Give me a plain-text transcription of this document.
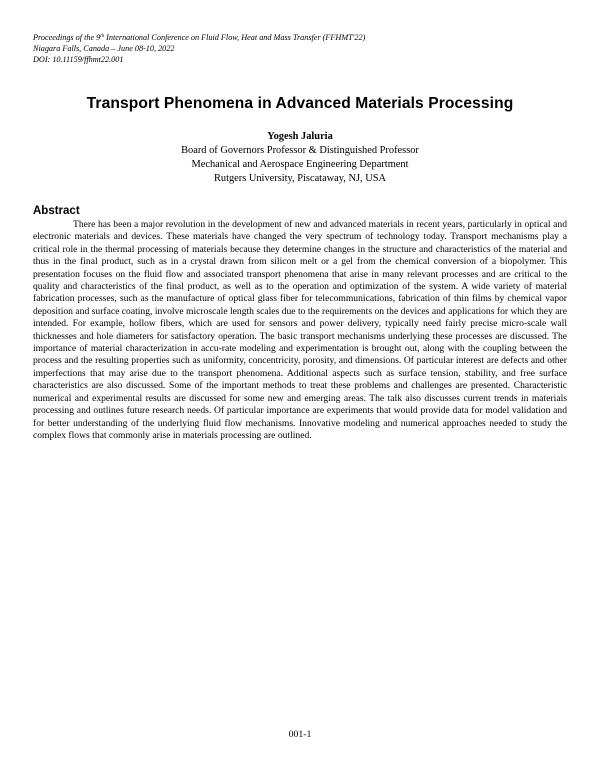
Proceedings of the 9th International Conference on Fluid Flow, Heat and Mass Transfer (FFHMT'22)
Niagara Falls, Canada – June 08-10, 2022
DOI: 10.11159/ffhmt22.001
Transport Phenomena in Advanced Materials Processing
Yogesh Jaluria
Board of Governors Professor & Distinguished Professor
Mechanical and Aerospace Engineering Department
Rutgers University, Piscataway, NJ, USA
Abstract

There has been a major revolution in the development of new and advanced materials in recent years, particularly in optical and electronic materials and devices. These materials have changed the very spectrum of technology today. Transport mechanisms play a critical role in the thermal processing of materials because they determine changes in the structure and characteristics of the material and thus in the final product, such as in a crystal drawn from silicon melt or a gel from the chemical conversion of a biopolymer. This presentation focuses on the fluid flow and associated transport phenomena that arise in many relevant processes and are critical to the quality and characteristics of the final product, as well as to the operation and optimization of the system. A wide variety of material fabrication processes, such as the manufacture of optical glass fiber for telecommunications, fabrication of thin films by chemical vapor deposition and surface coating, involve microscale length scales due to the requirements on the devices and applications for which they are intended. For example, hollow fibers, which are used for sensors and power delivery, typically need fairly precise micro-scale wall thicknesses and hole diameters for satisfactory operation. The basic transport mechanisms underlying these processes are discussed. The importance of material characterization in accu-rate modeling and experimentation is brought out, along with the coupling between the process and the resulting properties such as uniformity, concentricity, porosity, and dimensions. Of particular interest are defects and other imperfections that may arise due to the transport phenomena. Additional aspects such as surface tension, stability, and free surface characteristics are also discussed. Some of the important methods to treat these problems and challenges are presented. Characteristic numerical and experimental results are discussed for some new and emerging areas. The talk also discusses current trends in materials processing and outlines future research needs. Of particular importance are experiments that would provide data for model validation and for better understanding of the underlying fluid flow mechanisms. Innovative modeling and numerical approaches needed to study the complex flows that commonly arise in materials processing are outlined.

001-1
